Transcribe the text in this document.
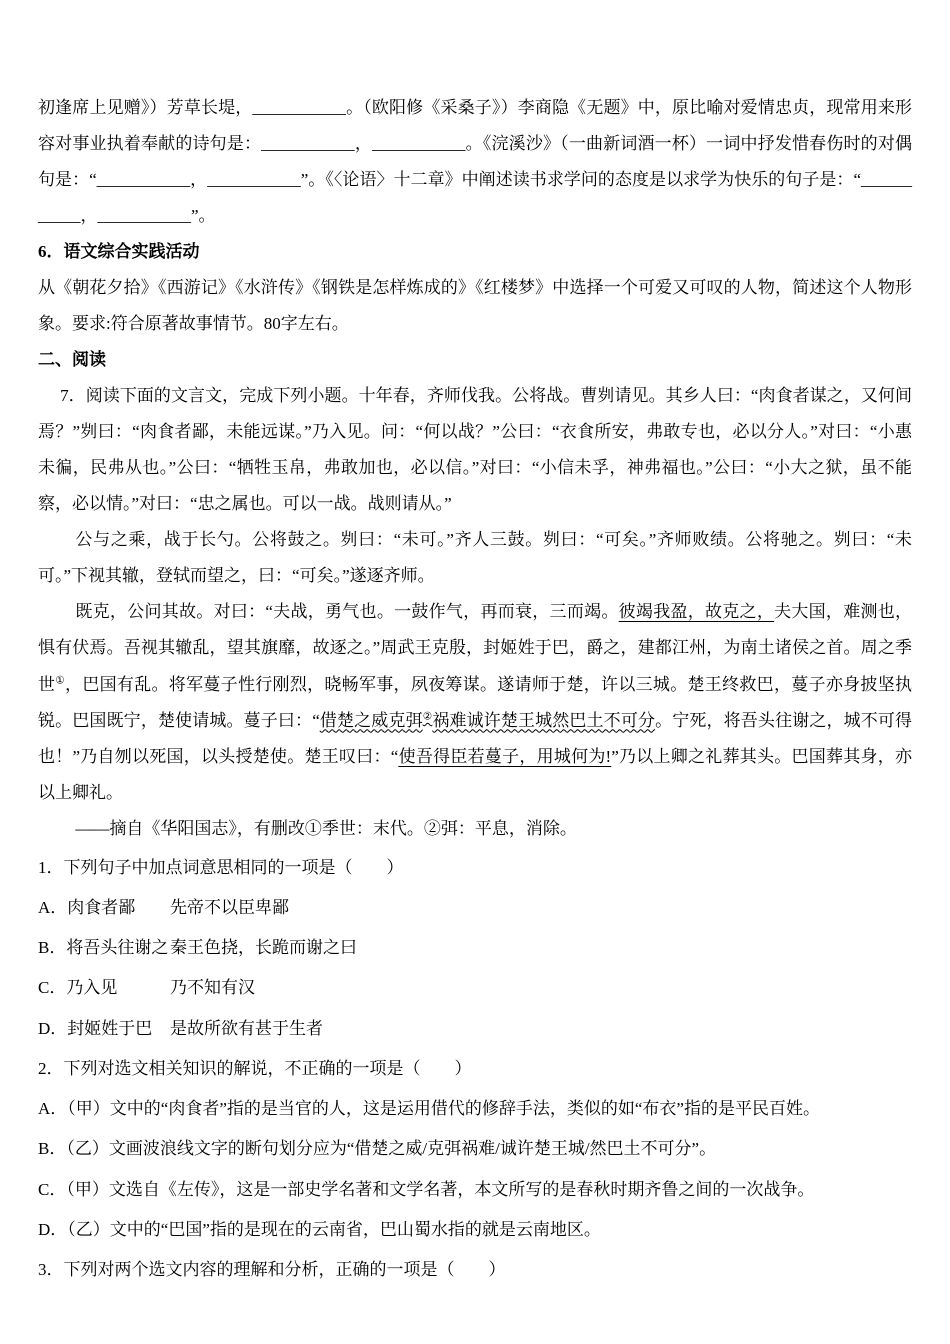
初逢席上见赠》）芳草长堤，___________。（欧阳修《采桑子》）李商隐《无题》中，原比喻对爱情忠贞，现常用来形容对事业执着奉献的诗句是：___________，___________。《浣溪沙》（一曲新词酒一杯）一词中抒发惜春伤时的对偶句是：“___________，___________”。《〈论语〉十二章》中阐述读书求学问的态度是以求学为快乐的句子是：“___________，___________”。

6．语文综合实践活动

从《朝花夕拾》《西游记》《水浒传》《钢铁是怎样炼成的》《红楼梦》中选择一个可爱又可叹的人物，简述这个人物形象。要求:符合原著故事情节。80字左右。

二、阅读

7．阅读下面的文言文，完成下列小题。十年春，齐师伐我。公将战。曹刿请见。其乡人曰：“肉食者谋之，又何间焉？”刿曰：“肉食者鄙，未能远谋。”乃入见。问：“何以战？”公曰：“衣食所安，弗敢专也，必以分人。”对曰：“小惠未徧，民弗从也。”公曰：“牺牲玉帛，弗敢加也，必以信。”对曰：“小信未孚，神弗福也。”公曰：“小大之狱，虽不能察，必以情。”对曰：“忠之属也。可以一战。战则请从。”

公与之乘，战于长勺。公将鼓之。刿曰：“未可。”齐人三鼓。刿曰：“可矣。”齐师败绩。公将驰之。刿曰：“未可。”下视其辙，登轼而望之，曰：“可矣。”遂逐齐师。

既克，公问其故。对曰：“夫战，勇气也。一鼓作气，再而衰，三而竭。彼竭我盈，故克之，夫大国，难测也，惧有伏焉。吾视其辙乱，望其旗靡，故逐之。”周武王克殷，封姬姓于巴，爵之，建都江州，为南土诸侯之首。周之季世①，巴国有乱。将军蔓子性行刚烈，晓畅军事，夙夜筹谋。遂请师于楚，许以三城。楚王终救巴，蔓子亦身披坚执锐。巴国既宁，楚使请城。蔓子曰：“借楚之威克弭②祸难诚许楚王城然巴土不可分。宁死，将吾头往谢之，城不可得也！”乃自刎以死国，以头授楚使。楚王叹曰：“使吾得臣若蔓子，用城何为!”乃以上卿之礼葬其头。巴国葬其身，亦以上卿礼。

——摘自《华阳国志》，有删改①季世：末代。②弭：平息，消除。

1．下列句子中加点词意思相同的一项是（　　）

A．肉食者鄙 先帝不以臣卑鄙

B．将吾头往谢之秦王色挠，长跪而谢之曰

C．乃入见	乃不知有汉

D．封姬姓于巴 是故所欲有甚于生者

2．下列对选文相关知识的解说，不正确的一项是（　　）

A．（甲）文中的“肉食者”指的是当官的人，这是运用借代的修辞手法，类似的如“布衣”指的是平民百姓。

B．（乙）文画波浪线文字的断句划分应为“借楚之威/克弭祸难/诚许楚王城/然巴土不可分”。

C．（甲）文选自《左传》，这是一部史学名著和文学名著，本文所写的是春秋时期齐鲁之间的一次战争。

D．（乙）文中的“巴国”指的是现在的云南省，巴山蜀水指的就是云南地区。

3．下列对两个选文内容的理解和分析，正确的一项是（　　）
